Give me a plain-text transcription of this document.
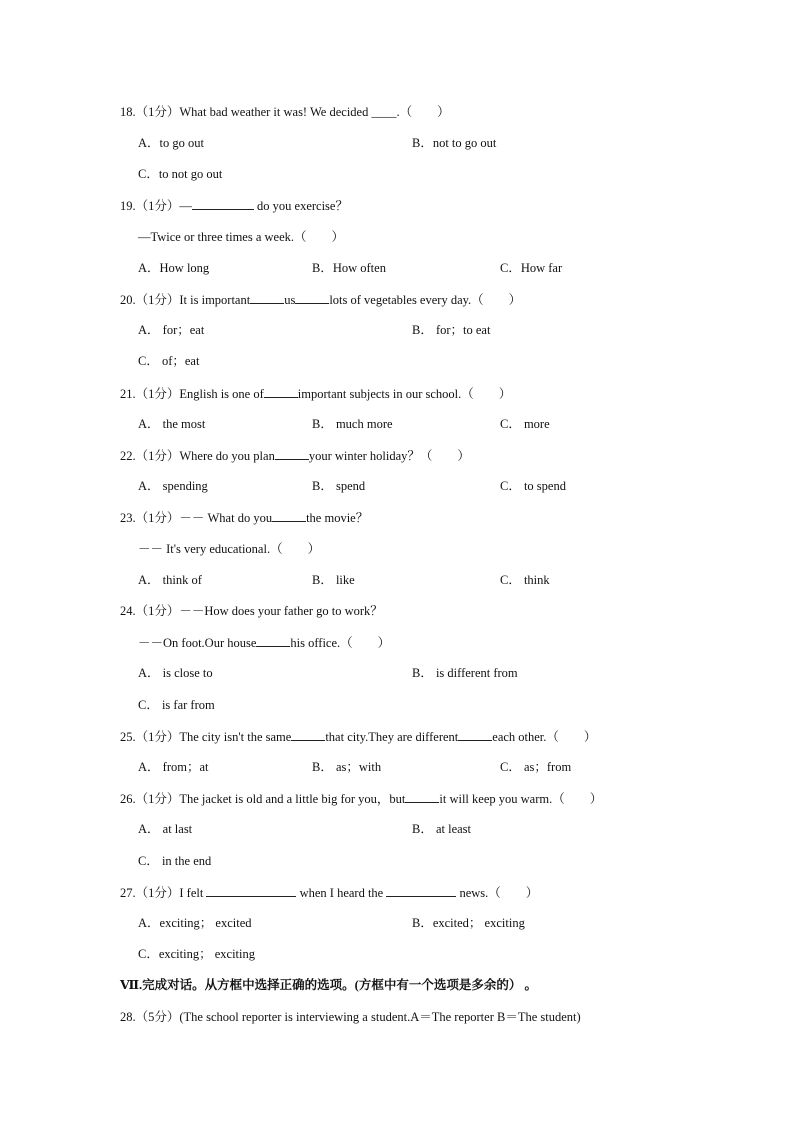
18.（1分）What bad weather it was! We decided ____.（　　）
A．to go out	B．not to go out
C．to not go out
19.（1分）—	do you exercise？
—Twice or three times a week.（　　）
A．How long	B．How often	C．How far
20.（1分）It is important	us	lots of vegetables every day.（　　）
A． for；eat	B． for；to eat
C． of；eat
21.（1分）English is one of	important subjects in our school.（　　）
A． the most	B． much more	C． more
22.（1分）Where do you plan	your winter holiday？（　　）
A． spending	B． spend	C． to spend
23.（1分）－－ What do you	the movie？
－－ It's very educational.（　　）
A． think of	B． like	C． think
24.（1分）－－How does your father go to work？
－－On foot.Our house	his office.（　　）
A． is close to	B． is different from
C． is far from
25.（1分）The city isn't the same	that city.They are different	each other.（　　）
A． from；at	B． as；with	C． as；from
26.（1分）The jacket is old and a little big for you，but	it will keep you warm.（　　）
A． at last	B． at least
C． in the end
27.（1分）I felt	when I heard the	news.（　　）
A．exciting； excited	B．excited； exciting
C．exciting； exciting
Ⅶ.完成对话。从方框中选择正确的选项。(方框中有一个选项是多余的） 。
28.（5分）(The school reporter is interviewing a student.A＝The reporter B＝The student)
